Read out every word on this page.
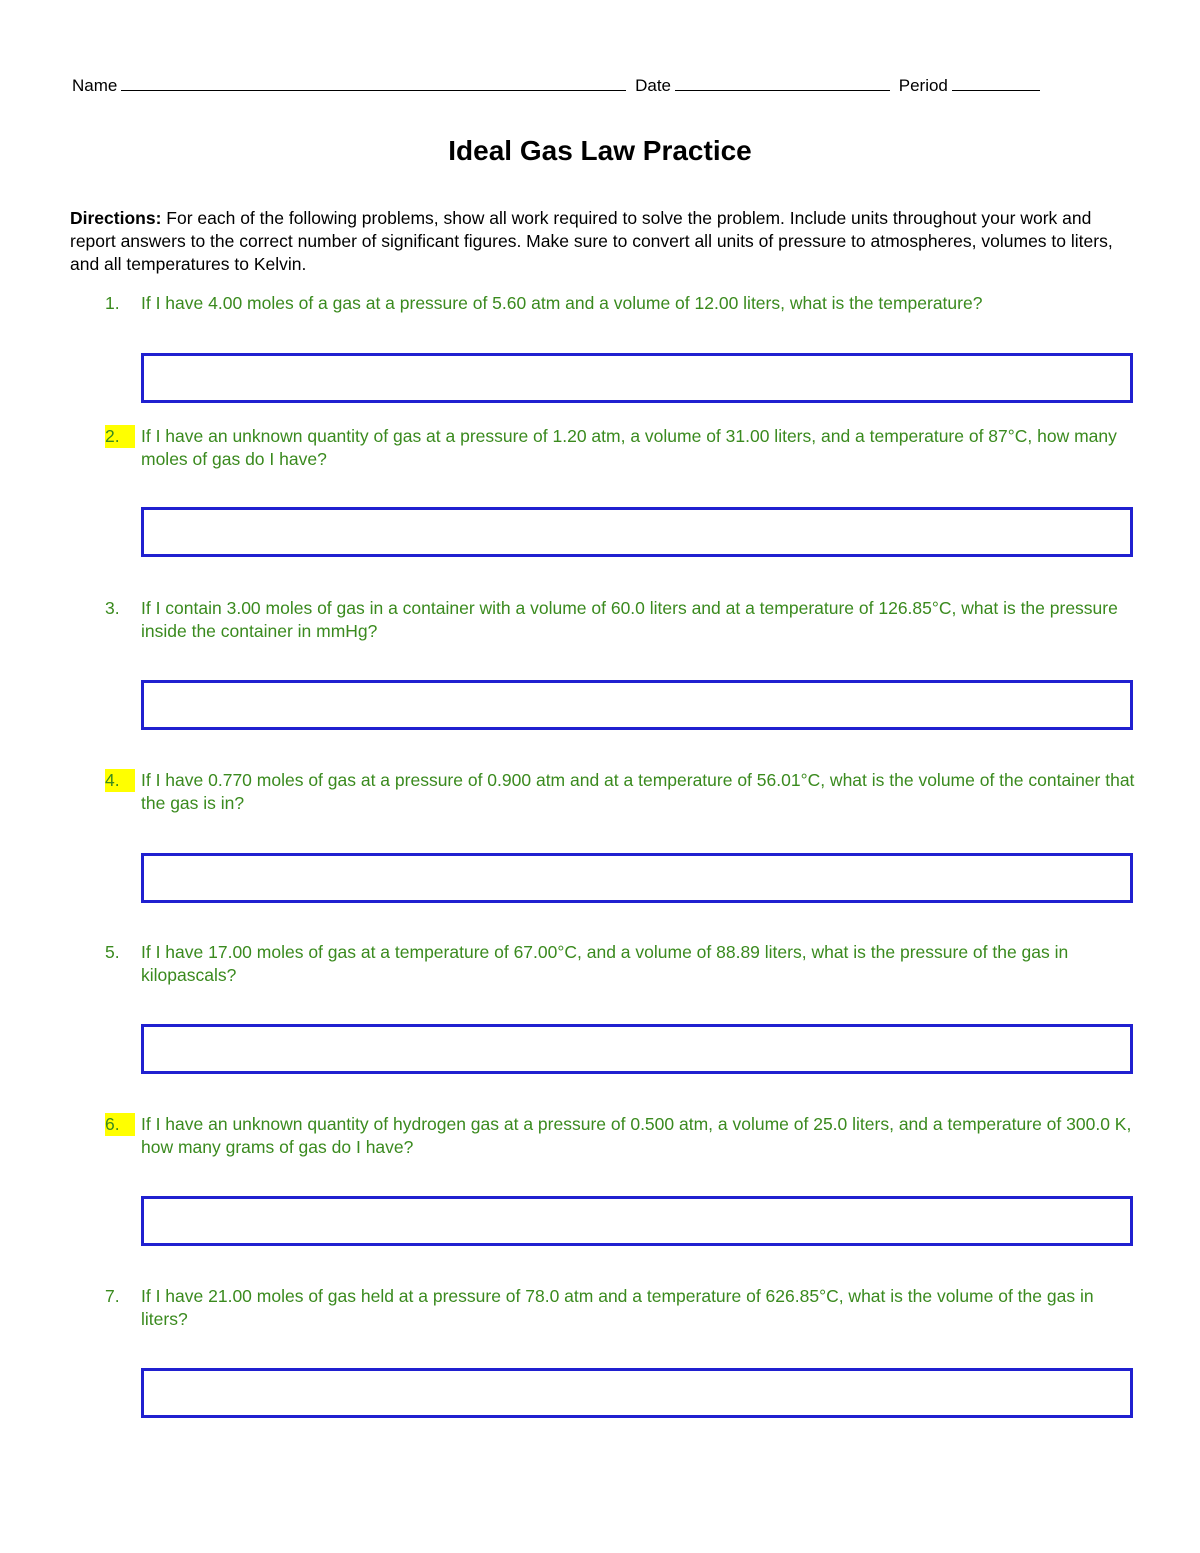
Name	Date	Period
Ideal Gas Law Practice
Directions: For each of the following problems, show all work required to solve the problem. Include units throughout your work and report answers to the correct number of significant figures. Make sure to convert all units of pressure to atmospheres, volumes to liters, and all temperatures to Kelvin.
1.	If I have 4.00 moles of a gas at a pressure of 5.60 atm and a volume of 12.00 liters, what is the temperature?
2.	If I have an unknown quantity of gas at a pressure of 1.20 atm, a volume of 31.00 liters, and a temperature of 87°C, how many moles of gas do I have?
3.	If I contain 3.00 moles of gas in a container with a volume of 60.0 liters and at a temperature of 126.85°C, what is the pressure inside the container in mmHg?
4.	If I have 0.770 moles of gas at a pressure of 0.900 atm and at a temperature of 56.01°C, what is the volume of the container that the gas is in?
5.	If I have 17.00 moles of gas at a temperature of 67.00°C, and a volume of 88.89 liters, what is the pressure of the gas in kilopascals?
6.	If I have an unknown quantity of hydrogen gas at a pressure of 0.500 atm, a volume of 25.0 liters, and a temperature of 300.0 K, how many grams of gas do I have?
7.	If I have 21.00 moles of gas held at a pressure of 78.0 atm and a temperature of 626.85°C, what is the volume of the gas in liters?
